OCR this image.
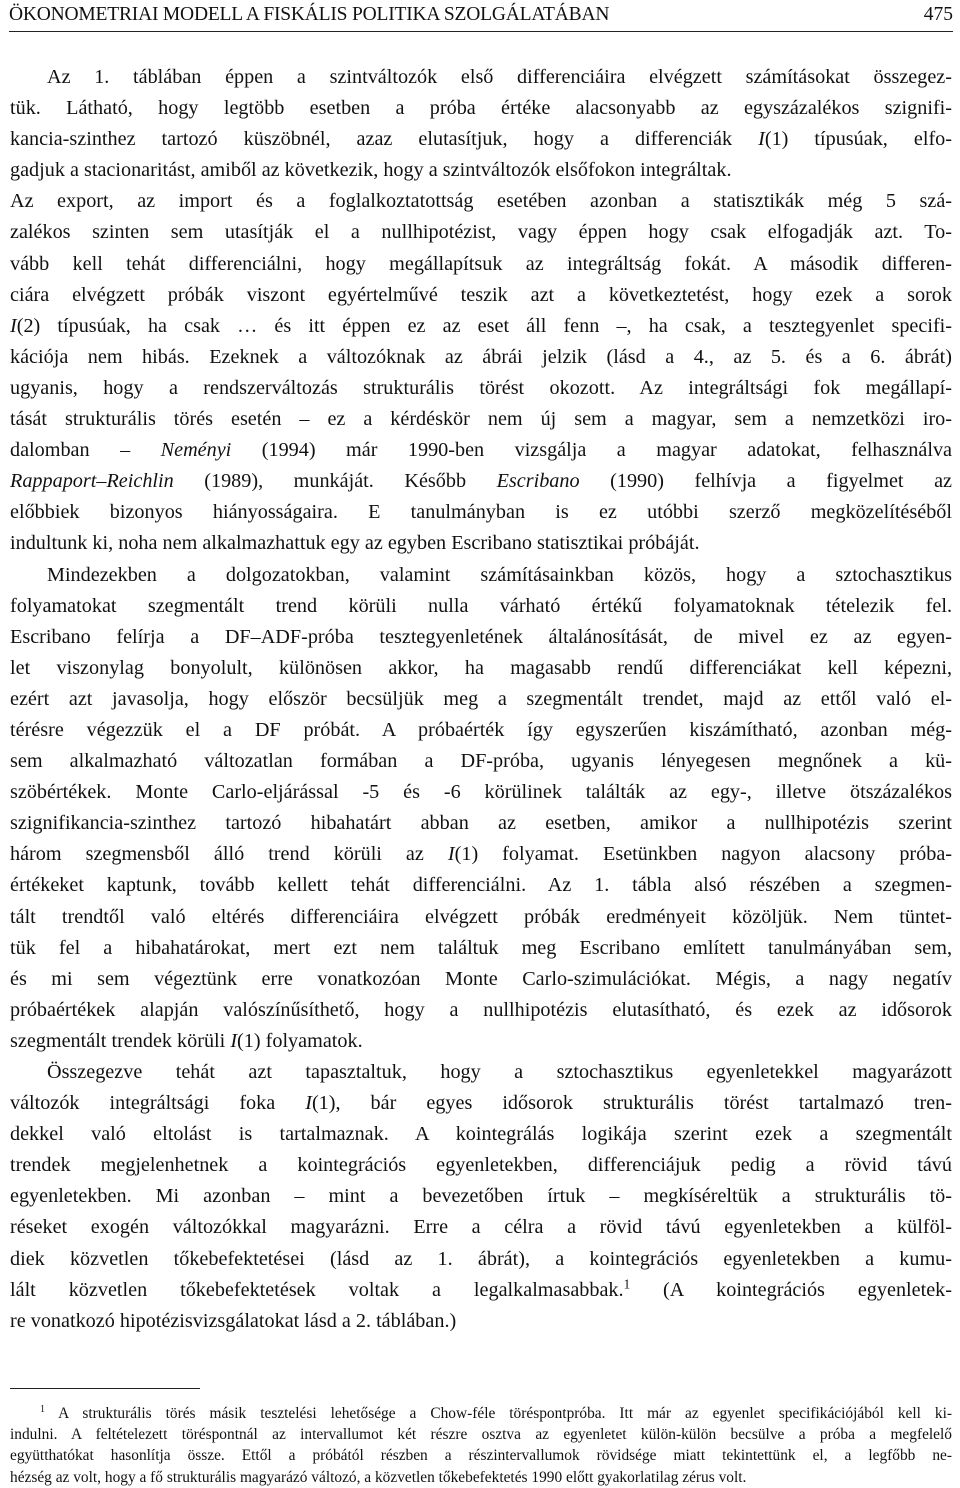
ÖKONOMETRIAI MODELL A FISKÁLIS POLITIKA SZOLGÁLATÁBAN	475
Az 1. táblában éppen a szintváltozók első differenciáira elvégzett számításokat összegez-
tük. Látható, hogy legtöbb esetben a próba értéke alacsonyabb az egyszázalékos szignifi-
kancia-szinthez tartozó küszöbnél, azaz elutasítjuk, hogy a differenciák I(1) típusúak, elfo-
gadjuk a stacionaritást, amiből az következik, hogy a szintváltozók elsőfokon integráltak.
Az export, az import és a foglalkoztatottság esetében azonban a statisztikák még 5 szá-
zalékos szinten sem utasítják el a nullhipotézist, vagy éppen hogy csak elfogadják azt. To-
vább kell tehát differenciálni, hogy megállapítsuk az integráltság fokát. A második differen-
ciára elvégzett próbák viszont egyértelművé teszik azt a következtetést, hogy ezek a sorok
I(2) típusúak, ha csak … és itt éppen ez az eset áll fenn –, ha csak, a tesztegyenlet specifi-
kációja nem hibás. Ezeknek a változóknak az ábrái jelzik (lásd a 4., az 5. és a 6. ábrát)
ugyanis, hogy a rendszerváltozás strukturális törést okozott. Az integráltsági fok megállapí-
tását strukturális törés esetén – ez a kérdéskör nem új sem a magyar, sem a nemzetközi iro-
dalomban – Neményi (1994) már 1990-ben vizsgálja a magyar adatokat, felhasználva
Rappaport–Reichlin (1989), munkáját. Később Escribano (1990) felhívja a figyelmet az
előbbiek bizonyos hiányosságaira. E tanulmányban is ez utóbbi szerző megközelítéséből
indultunk ki, noha nem alkalmazhattuk egy az egyben Escribano statisztikai próbáját.
Mindezekben a dolgozatokban, valamint számításainkban közös, hogy a sztochasztikus
folyamatokat szegmentált trend körüli nulla várható értékű folyamatoknak tételezik fel.
Escribano felírja a DF–ADF-próba tesztegyenletének általánosítását, de mivel ez az egyen-
let viszonylag bonyolult, különösen akkor, ha magasabb rendű differenciákat kell képezni,
ezért azt javasolja, hogy először becsüljük meg a szegmentált trendet, majd az ettől való el-
térésre végezzük el a DF próbát. A próbaérték így egyszerűen kiszámítható, azonban még-
sem alkalmazható változatlan formában a DF-próba, ugyanis lényegesen megnőnek a kü-
szöbértékek. Monte Carlo-eljárással -5 és -6 körülinek találták az egy-, illetve ötszázalékos
szignifikancia-szinthez tartozó hibahatárt abban az esetben, amikor a nullhipotézis szerint
három szegmensből álló trend körüli az I(1) folyamat. Esetünkben nagyon alacsony próba-
értékeket kaptunk, tovább kellett tehát differenciálni. Az 1. tábla alsó részében a szegmen-
tált trendtől való eltérés differenciáira elvégzett próbák eredményeit közöljük. Nem tüntet-
tük fel a hibahatárokat, mert ezt nem találtuk meg Escribano említett tanulmányában sem,
és mi sem végeztünk erre vonatkozóan Monte Carlo-szimulációkat. Mégis, a nagy negatív
próbaértékek alapján valószínűsíthető, hogy a nullhipotézis elutasítható, és ezek az idősorok
szegmentált trendek körüli I(1) folyamatok.
Összegezve tehát azt tapasztaltuk, hogy a sztochasztikus egyenletekkel magyarázott
változók integráltsági foka I(1), bár egyes idősorok strukturális törést tartalmazó tren-
dekkel való eltolást is tartalmaznak. A kointegrálás logikája szerint ezek a szegmentált
trendek megjelenhetnek a kointegrációs egyenletekben, differenciájuk pedig a rövid távú
egyenletekben. Mi azonban – mint a bevezetőben írtuk – megkíséreltük a strukturális tö-
réseket exogén változókkal magyarázni. Erre a célra a rövid távú egyenletekben a külföl-
diek közvetlen tőkebefektetései (lásd az 1. ábrát), a kointegrációs egyenletekben a kumu-
lált közvetlen tőkebefektetések voltak a legalkalmasabbak.$^1$ (A kointegrációs egyenletek-
re vonatkozó hipotézisvizsgálatokat lásd a 2. táblában.)
$^1$ A strukturális törés másik tesztelési lehetősége a Chow-féle töréspontpróba. Itt már az egyenlet specifikációjából kell ki-
indulni. A feltételezett töréspontnál az intervallumot két részre osztva az egyenletet külön-külön becsülve a próba a megfelelő
együtthatókat hasonlítja össze. Ettől a próbától részben a részintervallumok rövidsége miatt tekintettünk el, a legfőbb ne-
hézség az volt, hogy a fő strukturális magyarázó változó, a közvetlen tőkebefektetés 1990 előtt gyakorlatilag zérus volt.
